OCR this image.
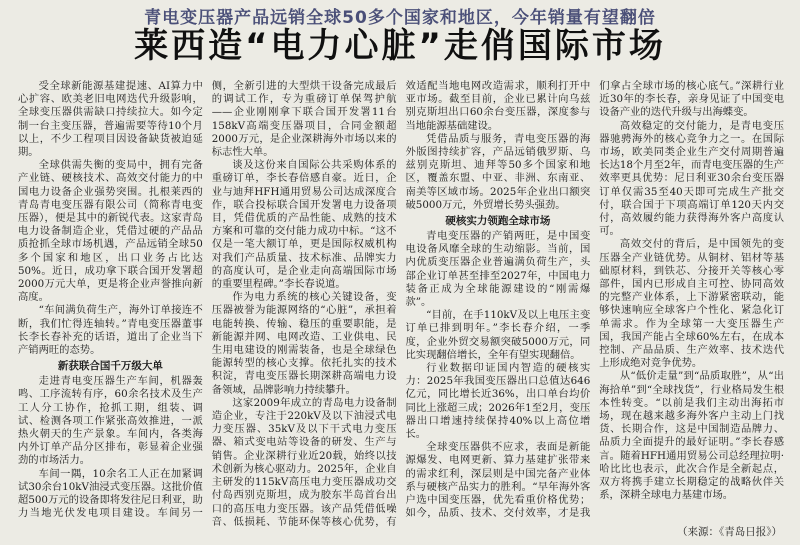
青电变压器产品远销全球50多个国家和地区，今年销量有望翻倍
莱西造“电力心脏”走俏国际市场

受全球新能源基建提速、AI算力中心扩容、欧美老旧电网迭代升级影响，全球变压器供需缺口持续拉大。如今定制一台主变压器，普遍需要等待10个月以上，不少工程项目因设备缺货被迫延期。

全球供需失衡的变局中，拥有完备产业链、硬核技术、高效交付能力的中国电力设备企业强势突围。扎根莱西的青岛青电变压器有限公司（简称青电变压器），便是其中的新锐代表。这家青岛电力设备制造企业，凭借过硬的产品品质抢抓全球市场机遇，产品远销全球50多个国家和地区，出口业务占比达50%。近日，成功拿下联合国开发署超2000万元大单，更是将企业声誉推向新高度。

“车间满负荷生产，海外订单接连不断，我们忙得连轴转。”青电变压器董事长李长春补充的话语，道出了企业当下产销两旺的态势。

新获联合国千万级大单

走进青电变压器生产车间，机器轰鸣、工序流转有序，60余名技术及生产工人分工协作，抢抓工期，组装、调试、检测各项工作紧张高效推进，一派热火朝天的生产景象。车间内，各类海内外订单产品分区排布，彰显着企业强劲的市场活力。

车间一隅，10余名工人正在加紧调试30余台10kV油浸式变压器。这批价值超500万元的设备即将发往尼日利亚，助力当地光伏发电项目建设。车间另一侧，全新引进的大型烘干设备完成最后的调试工作，专为重磅订单保驾护航——企业刚刚拿下联合国开发署11台158kV高端变压器项目，合同金额超2000万元，是企业深耕海外市场以来的标志性大单。

谈及这份来自国际公共采购体系的重磅订单，李长春倍感自豪。近日，企业与迪拜HFH通用贸易公司达成深度合作，联合投标联合国开发署电力设备项目，凭借优质的产品性能、成熟的技术方案和可靠的交付能力成功中标。“这不仅是一笔大额订单，更是国际权威机构对我们产品质量、技术标准、品牌实力的高度认可，是企业走向高端国际市场的重要里程碑。”李长春说道。

作为电力系统的核心关键设备，变压器被誉为能源网络的“心脏”，承担着电能转换、传输、稳压的重要职能，是新能源并网、电网改造、工业供电、民生用电建设的刚需装备，也是全球绿色能源转型的核心支撑。依托扎实的技术积淀，青电变压器长期深耕高端电力设备领域，品牌影响力持续攀升。

这家2009年成立的青岛电力设备制造企业，专注于220kV及以下油浸式电力变压器、35kV及以下干式电力变压器、箱式变电站等设备的研发、生产与销售。企业深耕行业近20载，始终以技术创新为核心驱动力。2025年，企业自主研发的115kV高压电力变压器成功交付岛西别克斯坦，成为胶东半岛首台出口的高压电力变压器。该产品凭借低噪音、低损耗、节能环保等核心优势，有效适配当地电网改造需求，顺利打开中亚市场。截至目前，企业已累计向乌兹别克斯坦出口60余台变压器，深度参与当地能源基础建设。

凭借品质与服务，青电变压器的海外版图持续扩容，产品远销俄罗斯、乌兹别克斯坦、迪拜等50多个国家和地区，覆盖东盟、中亚、非洲、东南亚、南美等区域市场。2025年企业出口额突破5000万元，外贸增长势头强劲。

硬核实力领跑全球市场

青电变压器的产销两旺，是中国变电设备风靡全球的生动缩影。当前，国内优质变压器企业普遍满负荷生产，头部企业订单甚至排至2027年，中国电力装备正成为全球能源建设的“刚需爆款”。

“目前，在手110kV及以上电压主变订单已排到明年。”李长春介绍，一季度，企业外贸交易额突破5000万元，同比实现翻倍增长，全年有望实现翻倍。

行业数据印证国内智造的硬核实力：2025年我国变压器出口总值达646亿元，同比增长近36%，出口单台均价同比上涨超三成；2026年1至2月，变压器出口增速持续保持40%以上高位增长。

全球变压器供不应求，表面是新能源爆发、电网更新、算力基建扩张带来的需求红利，深层则是中国完备产业体系与硬核产品实力的胜利。“早年海外客户选中国变压器，优先看重价格优势；如今，品质、技术、交付效率，才是我们拿占全球市场的核心底气。”深耕行业近30年的李长春，亲身见证了中国变电设备产业的迭代升级与出海蝶变。

高效稳定的交付能力，是青电变压器驰骋海外的核心竞争力之一。在国际市场，欧美同类企业生产交付周期普遍长达18个月至2年，而青电变压器的生产效率更具优势：尼日利亚30余台变压器订单仅需35至40天即可完成生产批交付，联合国于下项高端订单120天内交付，高效履约能力获得海外客户高度认可。

高效交付的背后，是中国领先的变压器全产业链优势。从铜材、铝材等基础原材料，到铁芯、分接开关等核心零部件，国内已形成自主可控、协同高效的完整产业体系，上下游紧密联动，能够快速响应全球客户个性化、紧急化订单需求。作为全球第一大变压器生产国，我国产能占全球60%左右，在成本控制、产品品质、生产效率、技术迭代上形成绝对竞争优势。

从“低价走量”到“品质取胜”，从“出海拾单”到“全球找货”，行业格局发生根本性转变。“以前是我们主动出海拓市场，现在越来越多海外客户主动上门找货、长期合作，这是中国制造品牌力、品质力全面提升的最好证明。”李长春感言。随着HFH通用贸易公司总经理拉明·哈比比也表示，此次合作是全新起点，双方将携手建立长期稳定的战略伙伴关系，深耕全球电力基建市场。

（来源：《青岛日报》）
